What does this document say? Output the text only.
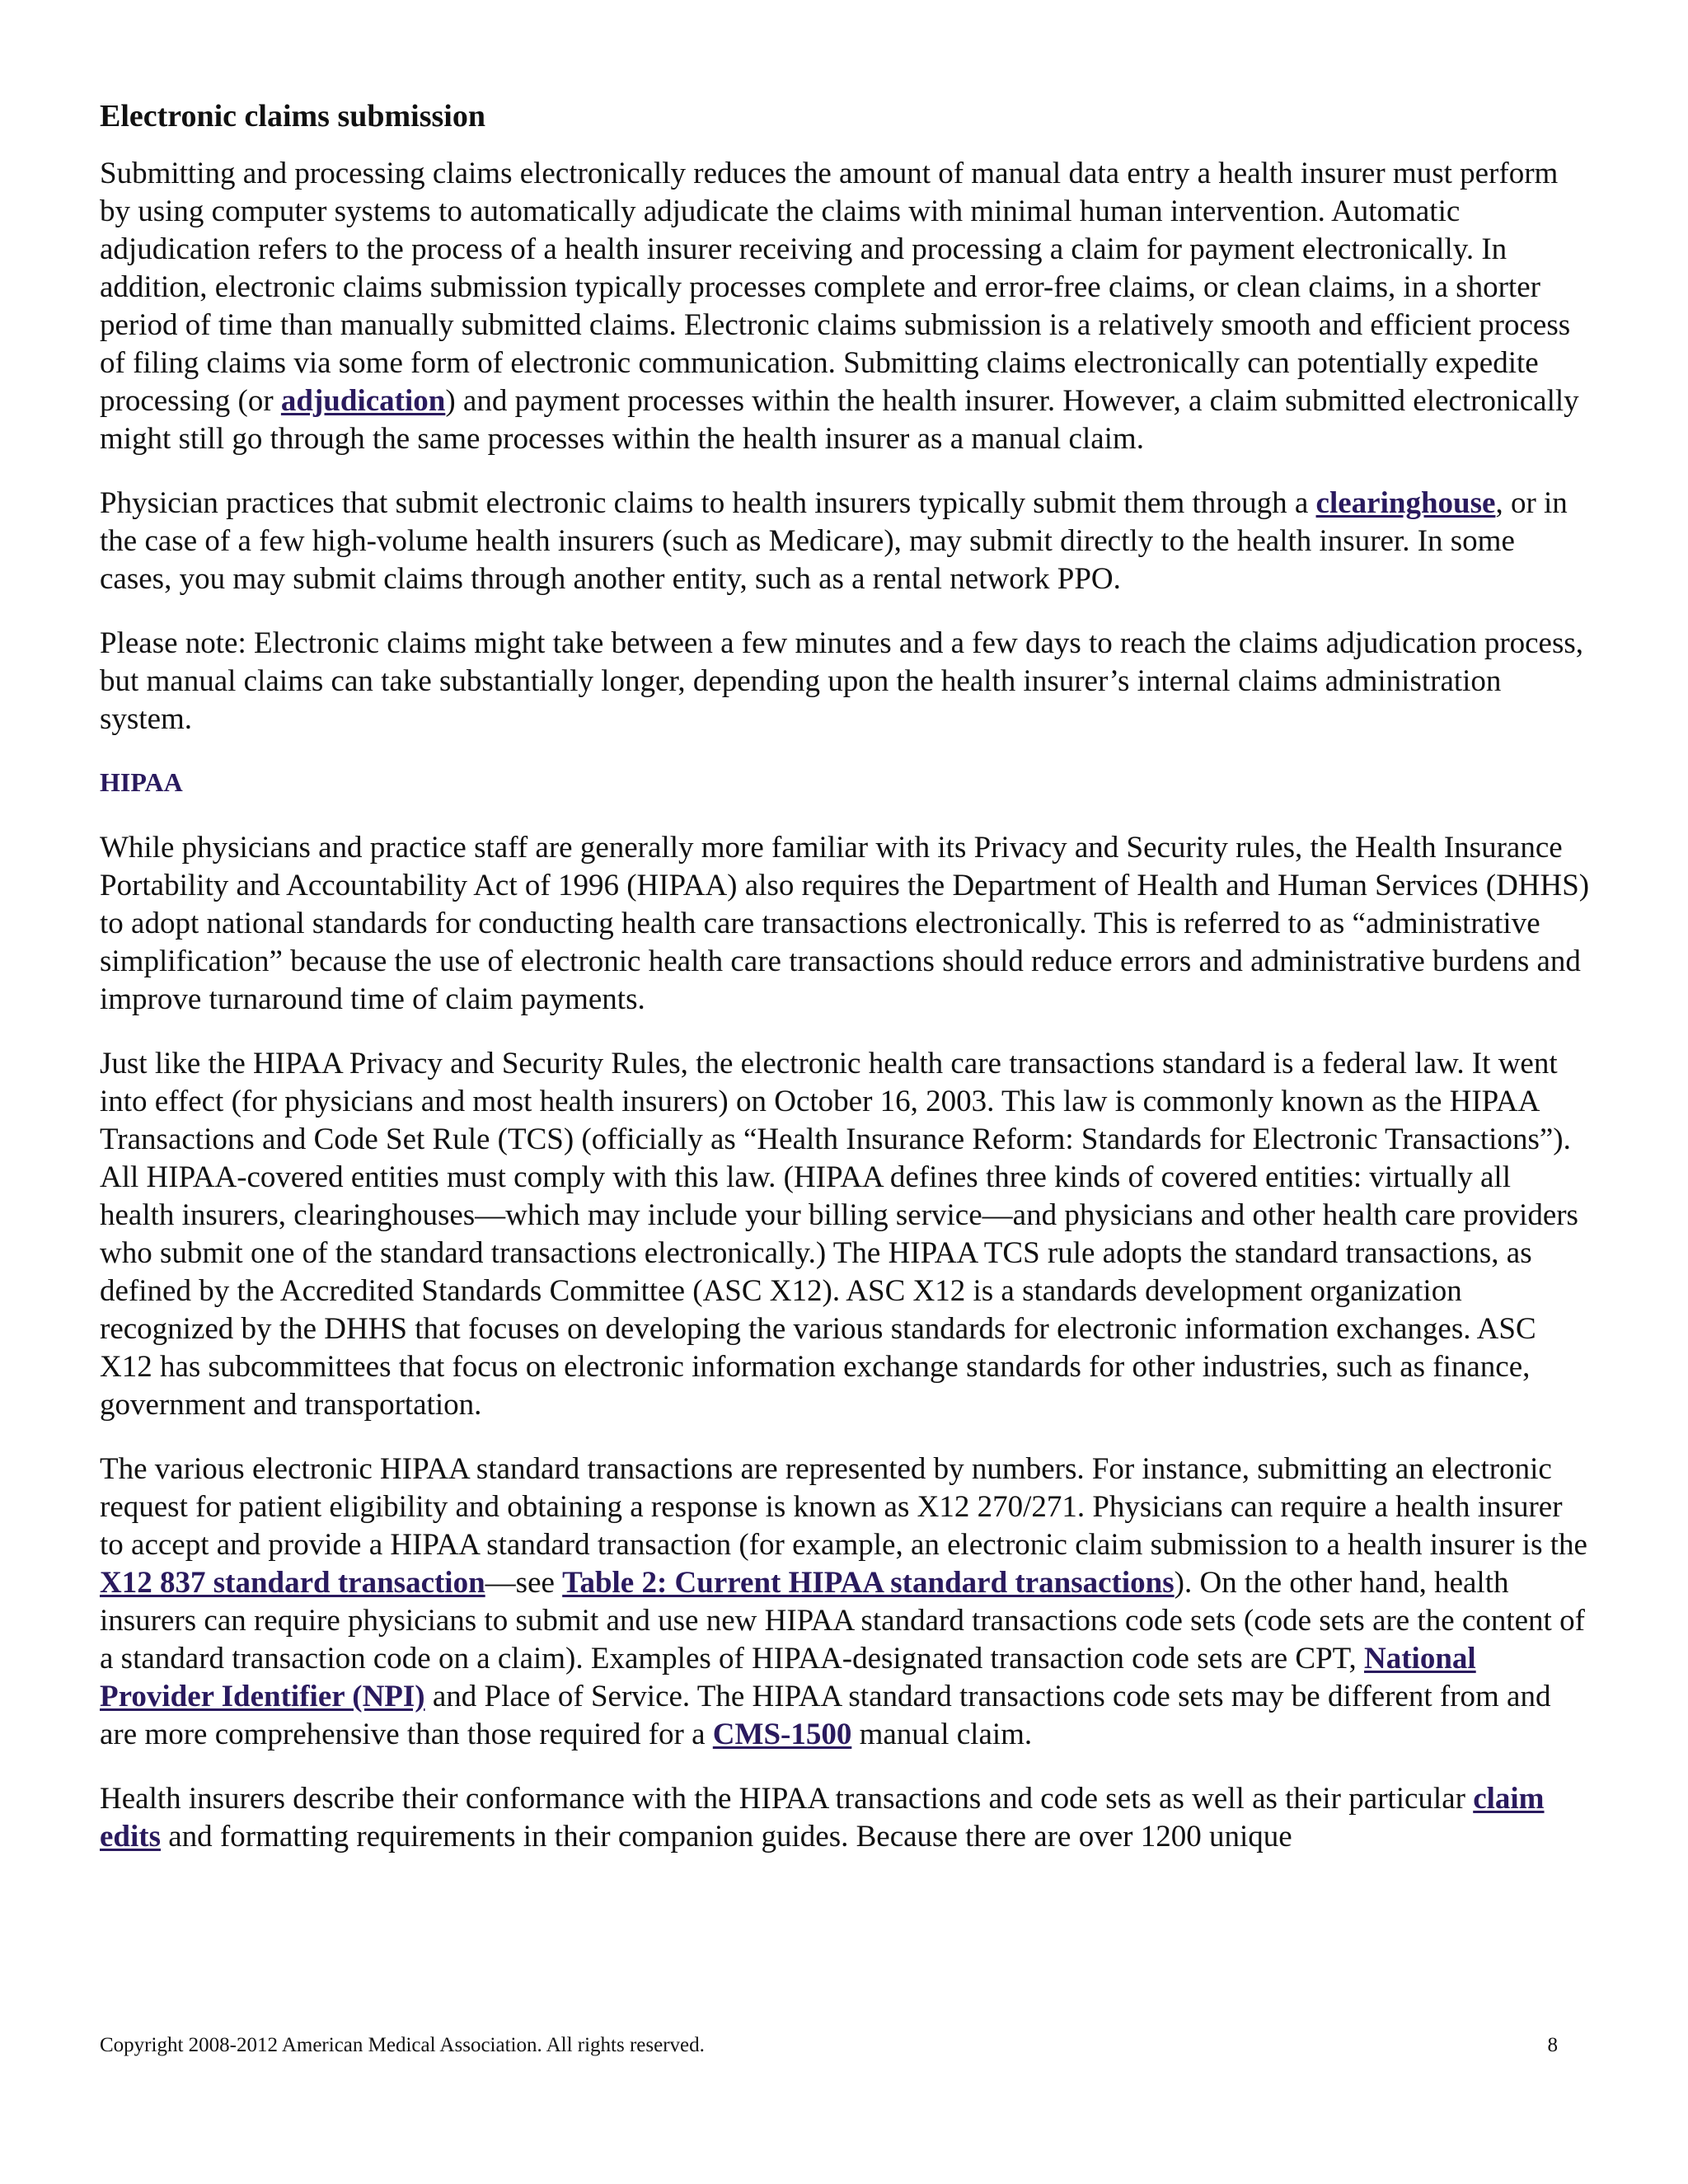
Electronic claims submission

Submitting and processing claims electronically reduces the amount of manual data entry a health insurer must perform by using computer systems to automatically adjudicate the claims with minimal human intervention. Automatic adjudication refers to the process of a health insurer receiving and processing a claim for payment electronically. In addition, electronic claims submission typically processes complete and error-free claims, or clean claims, in a shorter period of time than manually submitted claims. Electronic claims submission is a relatively smooth and efficient process of filing claims via some form of electronic communication. Submitting claims electronically can potentially expedite processing (or adjudication) and payment processes within the health insurer. However, a claim submitted electronically might still go through the same processes within the health insurer as a manual claim.

Physician practices that submit electronic claims to health insurers typically submit them through a clearinghouse, or in the case of a few high-volume health insurers (such as Medicare), may submit directly to the health insurer. In some cases, you may submit claims through another entity, such as a rental network PPO.

Please note: Electronic claims might take between a few minutes and a few days to reach the claims adjudication process, but manual claims can take substantially longer, depending upon the health insurer’s internal claims administration system.

HIPAA

While physicians and practice staff are generally more familiar with its Privacy and Security rules, the Health Insurance Portability and Accountability Act of 1996 (HIPAA) also requires the Department of Health and Human Services (DHHS) to adopt national standards for conducting health care transactions electronically. This is referred to as “administrative simplification” because the use of electronic health care transactions should reduce errors and administrative burdens and improve turnaround time of claim payments.

Just like the HIPAA Privacy and Security Rules, the electronic health care transactions standard is a federal law. It went into effect (for physicians and most health insurers) on October 16, 2003. This law is commonly known as the HIPAA Transactions and Code Set Rule (TCS) (officially as “Health Insurance Reform: Standards for Electronic Transactions”). All HIPAA-covered entities must comply with this law. (HIPAA defines three kinds of covered entities: virtually all health insurers, clearinghouses—which may include your billing service—and physicians and other health care providers who submit one of the standard transactions electronically.) The HIPAA TCS rule adopts the standard transactions, as defined by the Accredited Standards Committee (ASC X12). ASC X12 is a standards development organization recognized by the DHHS that focuses on developing the various standards for electronic information exchanges. ASC X12 has subcommittees that focus on electronic information exchange standards for other industries, such as finance, government and transportation.

The various electronic HIPAA standard transactions are represented by numbers. For instance, submitting an electronic request for patient eligibility and obtaining a response is known as X12 270/271. Physicians can require a health insurer to accept and provide a HIPAA standard transaction (for example, an electronic claim submission to a health insurer is the X12 837 standard transaction—see Table 2: Current HIPAA standard transactions). On the other hand, health insurers can require physicians to submit and use new HIPAA standard transactions code sets (code sets are the content of a standard transaction code on a claim). Examples of HIPAA-designated transaction code sets are CPT, National Provider Identifier (NPI) and Place of Service. The HIPAA standard transactions code sets may be different from and are more comprehensive than those required for a CMS-1500 manual claim.

Health insurers describe their conformance with the HIPAA transactions and code sets as well as their particular claim edits and formatting requirements in their companion guides. Because there are over 1200 unique

Copyright 2008-2012 American Medical Association. All rights reserved.	8
